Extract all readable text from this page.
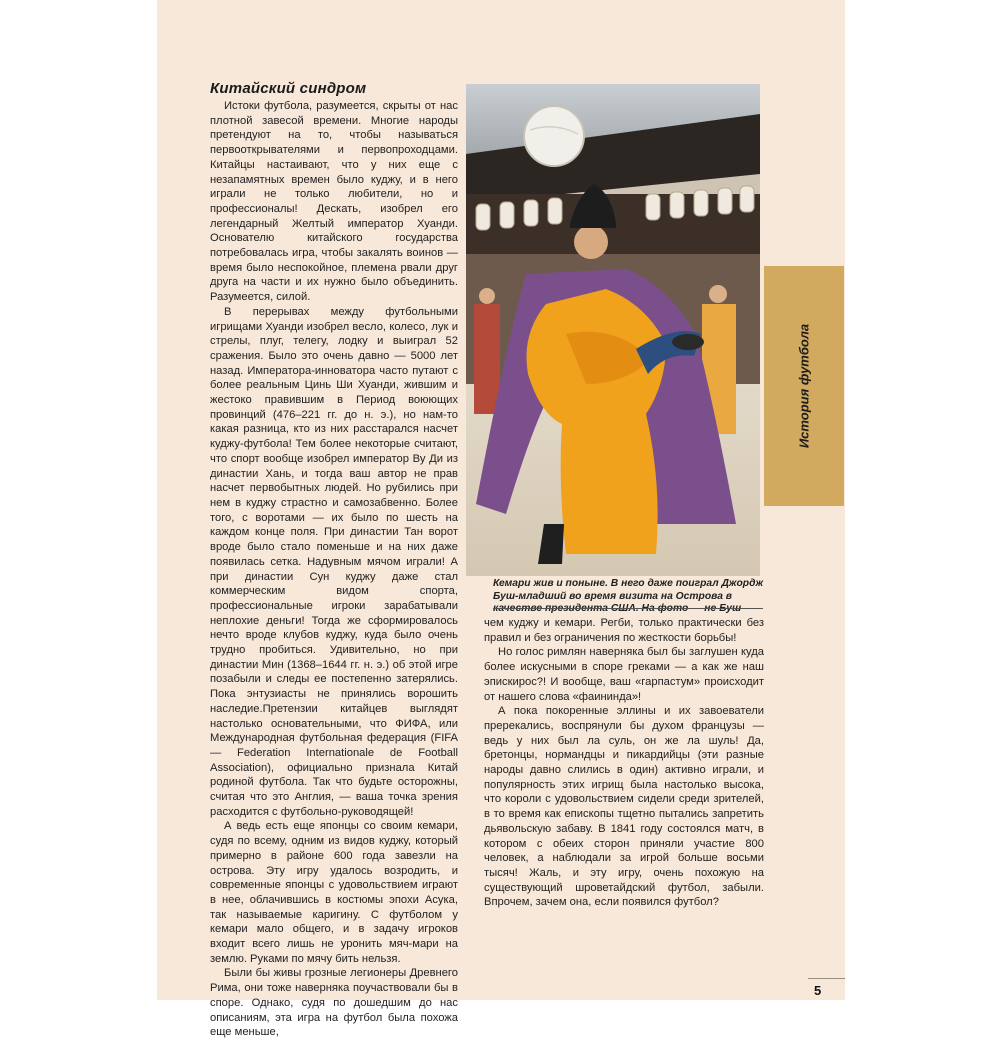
Китайский синдром

Истоки футбола, разумеется, скрыты от нас плотной завесой времени. Многие народы претендуют на то, чтобы называться первооткрывателями и первопроходцами. Китайцы настаивают, что у них еще с незапамятных времен было куджу, и в него играли не только любители, но и профессионалы! Дескать, изобрел его легендарный Желтый император Хуанди. Основателю китайского государства потребовалась игра, чтобы закалять воинов — время было неспокойное, племена рвали друг друга на части и их нужно было объединить. Разумеется, силой.

В перерывах между футбольными игрищами Хуанди изобрел весло, колесо, лук и стрелы, плуг, телегу, лодку и выиграл 52 сражения. Было это очень давно — 5000 лет назад. Императора-инноватора часто путают с более реальным Цинь Ши Хуанди, жившим и жестоко правившим в Период воюющих провинций (476–221 гг. до н. э.), но нам-то какая разница, кто из них расстарался насчет куджу-футбола! Тем более некоторые считают, что спорт вообще изобрел император Ву Ди из династии Хань, и тогда ваш автор не прав насчет первобытных людей. Но рубились при нем в куджу страстно и самозабвенно. Более того, с воротами — их было по шесть на каждом конце поля. При династии Тан ворот вроде было стало поменьше и на них даже появилась сетка. Надувным мячом играли! А при династии Сун куджу даже стал коммерческим видом спорта, профессиональные игроки зарабатывали неплохие деньги! Тогда же сформировалось нечто вроде клубов куджу, куда было очень трудно пробиться. Удивительно, но при династии Мин (1368–1644 гг. н. э.) об этой игре позабыли и следы ее постепенно затерялись. Пока энтузиасты не принялись ворошить наследие.Претензии китайцев выглядят настолько основательными, что ФИФА, или Международная футбольная федерация (FIFA — Federation Internationale de Football Association), официально признала Китай родиной футбола. Так что будьте осторожны, считая что это Англия, — ваша точка зрения расходится с футбольно-руководящей!

А ведь есть еще японцы со своим кемари, судя по всему, одним из видов куджу, который примерно в районе 600 года завезли на острова. Эту игру удалось возродить, и современные японцы с удовольствием играют в нее, облачившись в костюмы эпохи Асука, так называемые каригину. С футболом у кемари мало общего, и в задачу игроков входит всего лишь не уронить мяч-мари на землю. Руками по мячу бить нельзя.

Были бы живы грозные легионеры Древнего Рима, они тоже наверняка поучаствовали бы в споре. Однако, судя по дошедшим до нас описаниям, эта игра на футбол была похожа еще меньше,

Кемари жив и поныне. В него даже поиграл Джордж Буш-младший во время визита на Острова в

чем куджу и кемари. Регби, только практически без правил и без ограничения по жесткости борьбы!

Но голос римлян наверняка был бы заглушен куда более искусными в споре греками — а как же наш эпискирос?! И вообще, ваш «гарпастум» происходит от нашего слова «фаининда»!

А пока покоренные эллины и их завоеватели пререкались, воспрянули бы духом французы — ведь у них был ла суль, он же ла шуль! Да, бретонцы, нормандцы и пикардийцы (эти разные народы давно слились в один) активно играли, и популярность этих игрищ была настолько высока, что короли с удовольствием сидели среди зрителей, в то время как епископы тщетно пытались запретить дьявольскую забаву. В 1841 году состоялся матч, в котором с обеих сторон приняли участие 800 человек, а наблюдали за игрой больше восьми тысяч! Жаль, и эту игру, очень похожую на существующий шроветайдский футбол, забыли. Впрочем, зачем она, если появился футбол?

История футбола
5
